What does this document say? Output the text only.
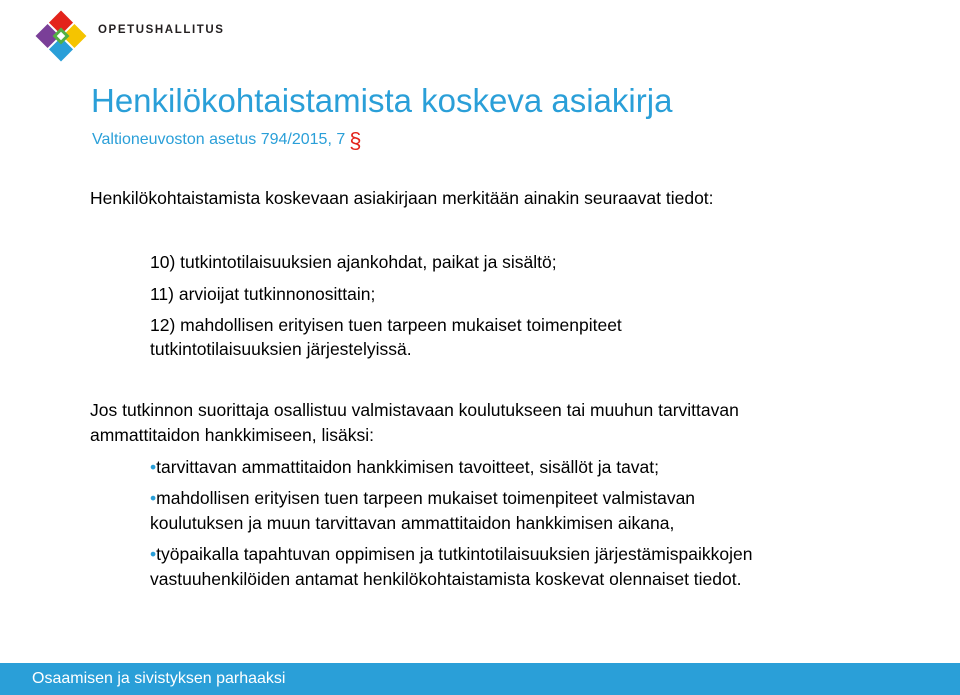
OPETUSHALLITUS
Henkilökohtaistamista koskeva asiakirja
Valtioneuvoston asetus 794/2015, 7 §
Henkilökohtaistamista koskevaan asiakirjaan merkitään ainakin seuraavat tiedot:
10) tutkintotilaisuuksien ajankohdat, paikat ja sisältö;
11) arvioijat tutkinnonosittain;
12) mahdollisen erityisen tuen tarpeen mukaiset toimenpiteet
tutkintotilaisuuksien järjestelyissä.
Jos tutkinnon suorittaja osallistuu valmistavaan koulutukseen tai muuhun tarvittavan
ammattitaidon hankkimiseen, lisäksi:
•tarvittavan ammattitaidon hankkimisen tavoitteet, sisällöt ja tavat;
•mahdollisen erityisen tuen tarpeen mukaiset toimenpiteet valmistavan
koulutuksen ja muun tarvittavan ammattitaidon hankkimisen aikana,
•työpaikalla tapahtuvan oppimisen ja tutkintotilaisuuksien järjestämispaikkojen
vastuuhenkilöiden antamat henkilökohtaistamista koskevat olennaiset tiedot.
Osaamisen ja sivistyksen parhaaksi
